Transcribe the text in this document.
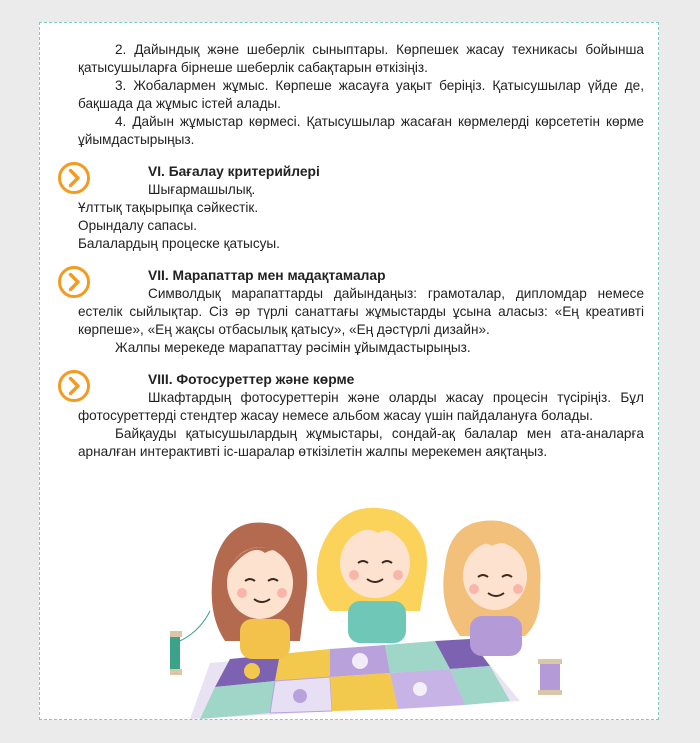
2. Дайындық және шеберлік сыныптары. Көрпешек жасау техникасы бойынша қатысушыларға бірнеше шеберлік сабақтарын өткізіңіз.

3. Жобалармен жұмыс. Көрпеше жасауға уақыт беріңіз. Қатысушылар үйде де, бақшада да жұмыс істей алады.

4. Дайын жұмыстар көрмесі. Қатысушылар жасаған көрмелерді көрсететін көрме ұйымдастырыңыз.

VI. Бағалау критерийлері

Шығармашылық.

Ұлттық тақырыпқа сәйкестік.

Орындалу сапасы.

Балалардың процеске қатысуы.

VII. Марапаттар мен мадақтамалар

Символдық марапаттарды дайындаңыз: грамоталар, дипломдар немесе естелік сыйлықтар. Сіз әр түрлі санаттағы жұмыстарды ұсына аласыз: «Ең креативті көрпеше», «Ең жақсы отбасылық қатысу», «Ең дәстүрлі дизайн».

Жалпы мерекеде марапаттау рәсімін ұйымдастырыңыз.

VIII. Фотосуреттер және көрме

Шкафтардың фотосуреттерін және оларды жасау процесін түсіріңіз. Бұл фотосуреттерді стендтер жасау немесе альбом жасау үшін пайдалануға болады.

Байқауды қатысушылардың жұмыстары, сондай-ақ балалар мен ата-аналарға арналған интерактивті іс-шаралар өткізілетін жалпы мерекемен аяқтаңыз.
